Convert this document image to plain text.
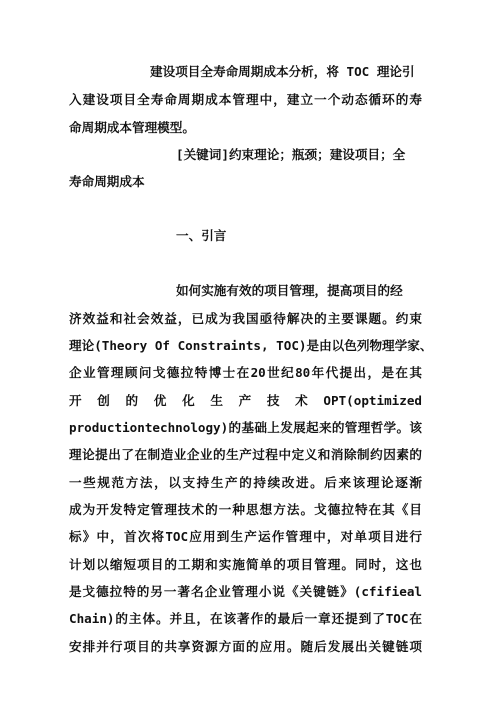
建设项目全寿命周期成本分析，将 TOC 理论引
入建设项目全寿命周期成本管理中，建立一个动态循环的寿
命周期成本管理模型。
[关键词]约束理论；瓶颈；建设项目；全
寿命周期成本
一、引言
如何实施有效的项目管理，提高项目的经
济效益和社会效益，已成为我国亟待解决的主要课题。约束
理论(Theory Of Constraints, TOC)是由以色列物理学家、
企业管理顾问戈德拉特博士在20世纪80年代提出，是在其
开 创 的 优 化 生 产 技 术 OPT(optimized
productiontechnology)的基础上发展起来的管理哲学。该
理论提出了在制造业企业的生产过程中定义和消除制约因素的
一些规范方法，以支持生产的持续改进。后来该理论逐渐
成为开发特定管理技术的一种思想方法。戈德拉特在其《目
标》中，首次将TOC应用到生产运作管理中，对单项目进行
计划以缩短项目的工期和实施简单的项目管理。同时，这也
是戈德拉特的另一著名企业管理小说《关键链》(cfifieal
Chain)的主体。并且，在该著作的最后一章还提到了TOC在
安排并行项目的共享资源方面的应用。随后发展出关键链项
